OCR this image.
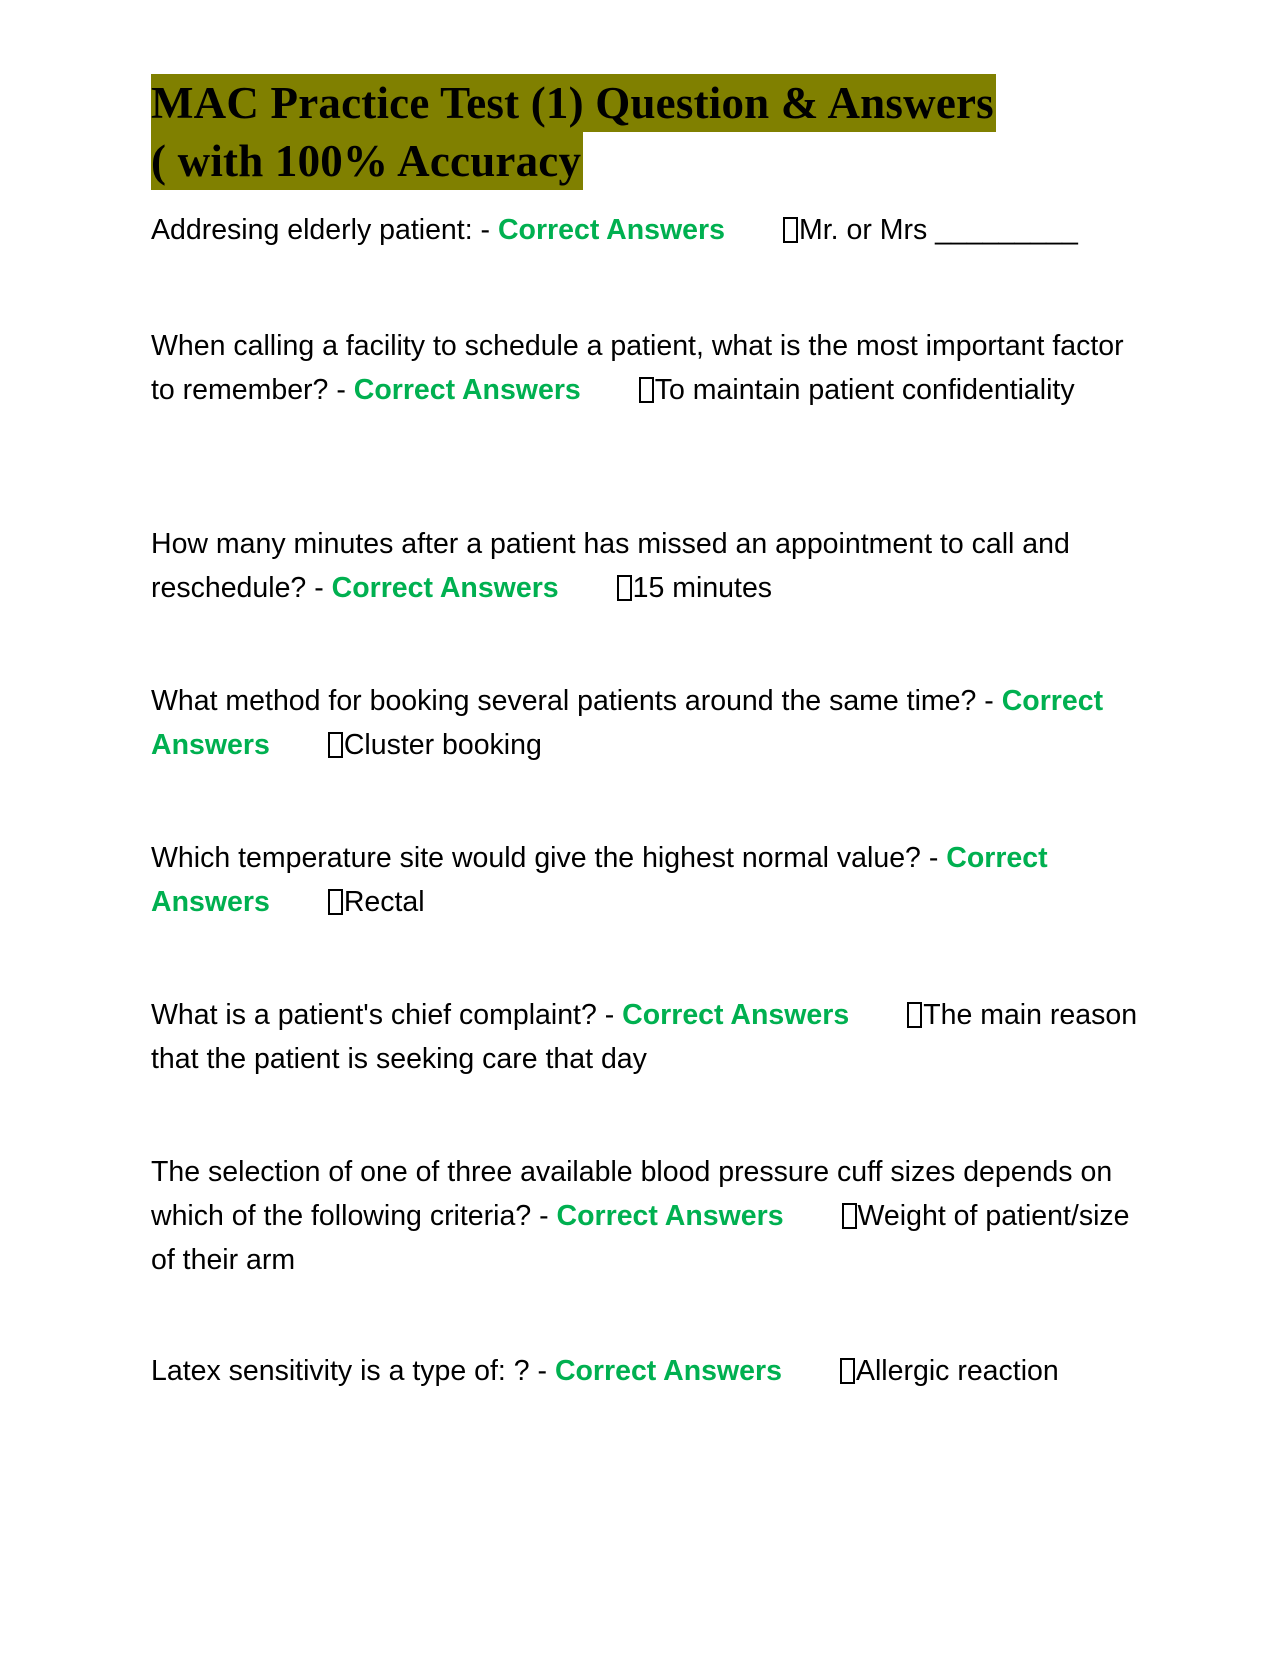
MAC Practice Test (1) Question & Answers
( with 100% Accuracy

Addresing elderly patient: - Correct Answers	Mr. or Mrs _________

When calling a facility to schedule a patient, what is the most important factor to remember? - Correct Answers	To maintain patient confidentiality

How many minutes after a patient has missed an appointment to call and reschedule? - Correct Answers	15 minutes

What method for booking several patients around the same time? - Correct Answers	Cluster booking

Which temperature site would give the highest normal value? - Correct Answers	Rectal

What is a patient's chief complaint? - Correct Answers	The main reason that the patient is seeking care that day

The selection of one of three available blood pressure cuff sizes depends on which of the following criteria? - Correct Answers	Weight of patient/size of their arm

Latex sensitivity is a type of: ? - Correct Answers	Allergic reaction
